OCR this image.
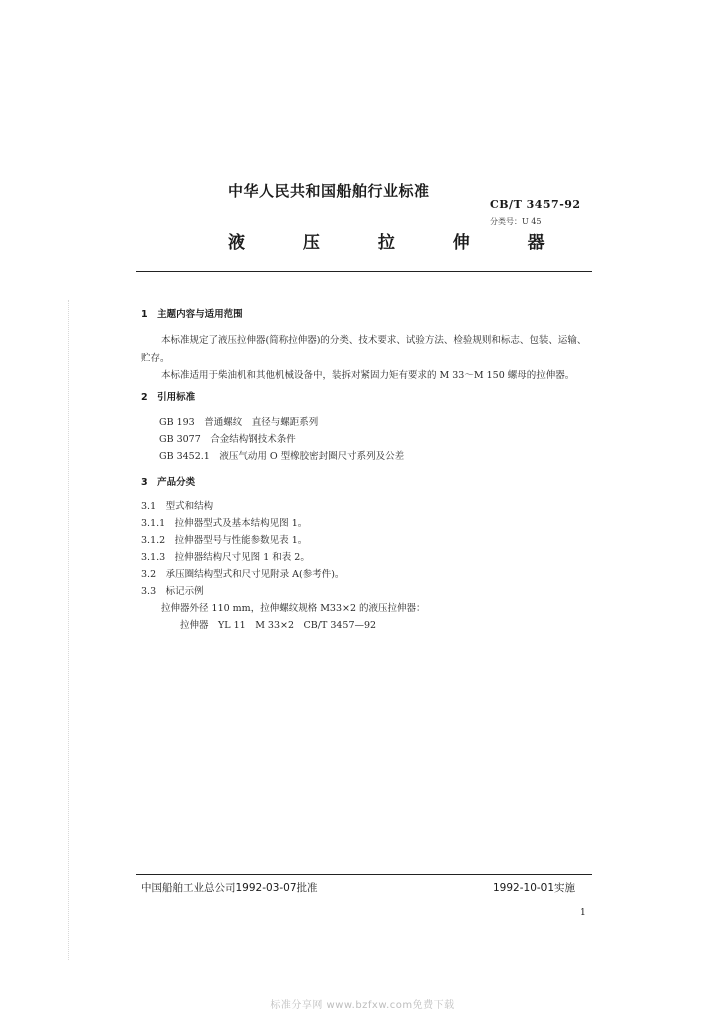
中华人民共和国船舶行业标准
CB/T 3457-92
分类号：U 45
液 压 拉 伸 器
1　主题内容与适用范围
本标准规定了液压拉伸器(简称拉伸器)的分类、技术要求、试验方法、检验规则和标志、包装、运输、
贮存。
本标准适用于柴油机和其他机械设备中，装拆对紧固力矩有要求的 M 33～M 150 螺母的拉伸器。
2　引用标准
GB 193　普通螺纹　直径与螺距系列
GB 3077　合金结构钢技术条件
GB 3452.1　液压气动用 O 型橡胶密封圈尺寸系列及公差
3　产品分类
3.1　型式和结构
3.1.1　拉伸器型式及基本结构见图 1。
3.1.2　拉伸器型号与性能参数见表 1。
3.1.3　拉伸器结构尺寸见图 1 和表 2。
3.2　承压圈结构型式和尺寸见附录 A(参考件)。
3.3　标记示例
拉伸器外径 110 mm，拉伸螺纹规格 M33×2 的液压拉伸器：
拉伸器　YL 11　M 33×2　CB/T 3457—92
中国船舶工业总公司1992-03-07批准	1992-10-01实施
1
标准分享网 www.bzfxw.com免费下载
